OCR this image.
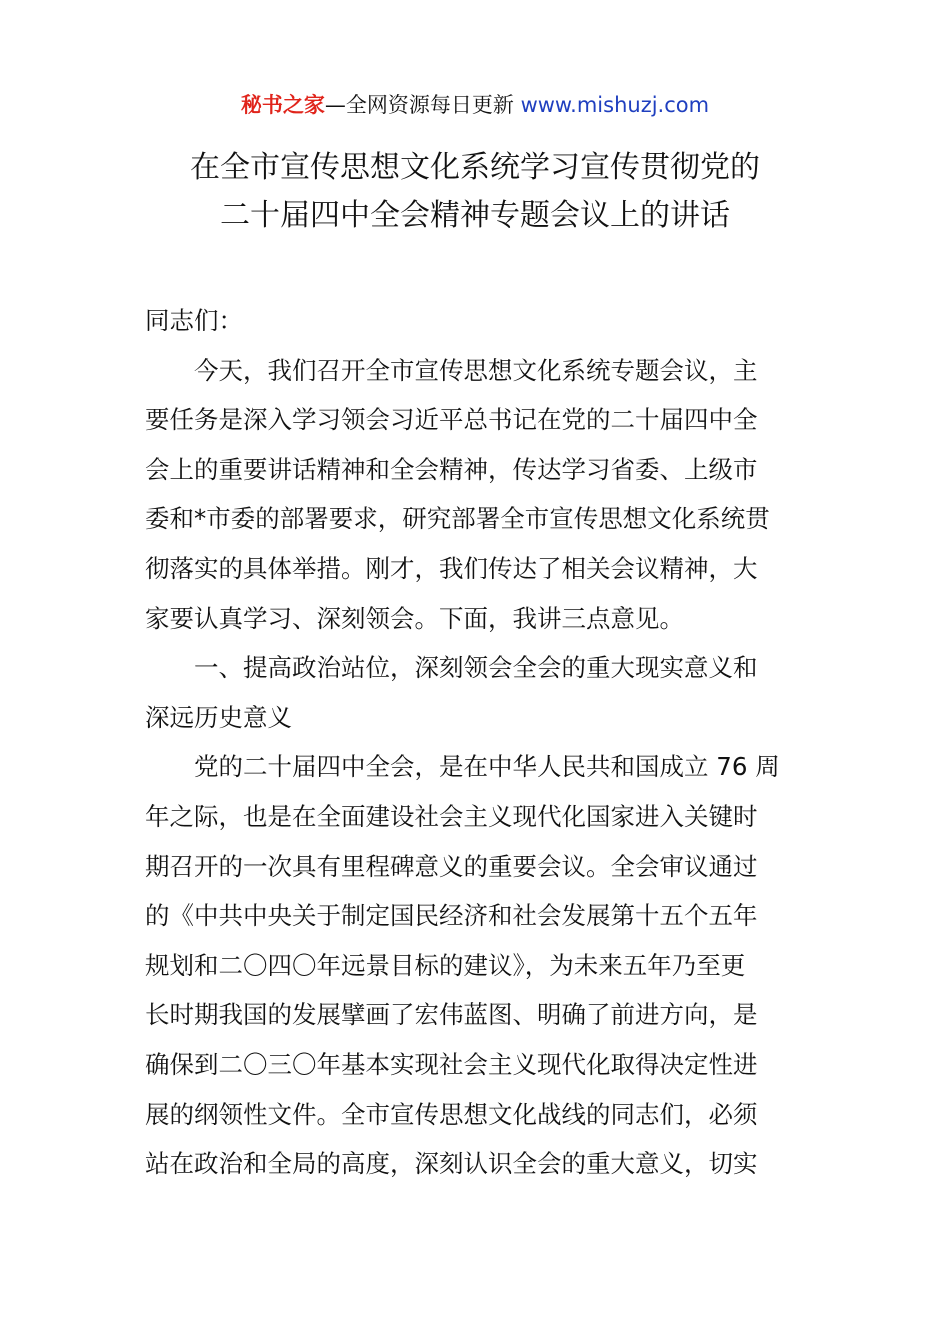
秘书之家—全网资源每日更新 www.mishuzj.com
在全市宣传思想文化系统学习宣传贯彻党的
二十届四中全会精神专题会议上的讲话
同志们：
今天，我们召开全市宣传思想文化系统专题会议，主
要任务是深入学习领会习近平总书记在党的二十届四中全
会上的重要讲话精神和全会精神，传达学习省委、上级市
委和*市委的部署要求，研究部署全市宣传思想文化系统贯
彻落实的具体举措。刚才，我们传达了相关会议精神，大
家要认真学习、深刻领会。下面，我讲三点意见。
一、提高政治站位，深刻领会全会的重大现实意义和
深远历史意义
党的二十届四中全会，是在中华人民共和国成立 76 周
年之际，也是在全面建设社会主义现代化国家进入关键时
期召开的一次具有里程碑意义的重要会议。全会审议通过
的《中共中央关于制定国民经济和社会发展第十五个五年
规划和二〇四〇年远景目标的建议》，为未来五年乃至更
长时期我国的发展擘画了宏伟蓝图、明确了前进方向，是
确保到二〇三〇年基本实现社会主义现代化取得决定性进
展的纲领性文件。全市宣传思想文化战线的同志们，必须
站在政治和全局的高度，深刻认识全会的重大意义，切实
